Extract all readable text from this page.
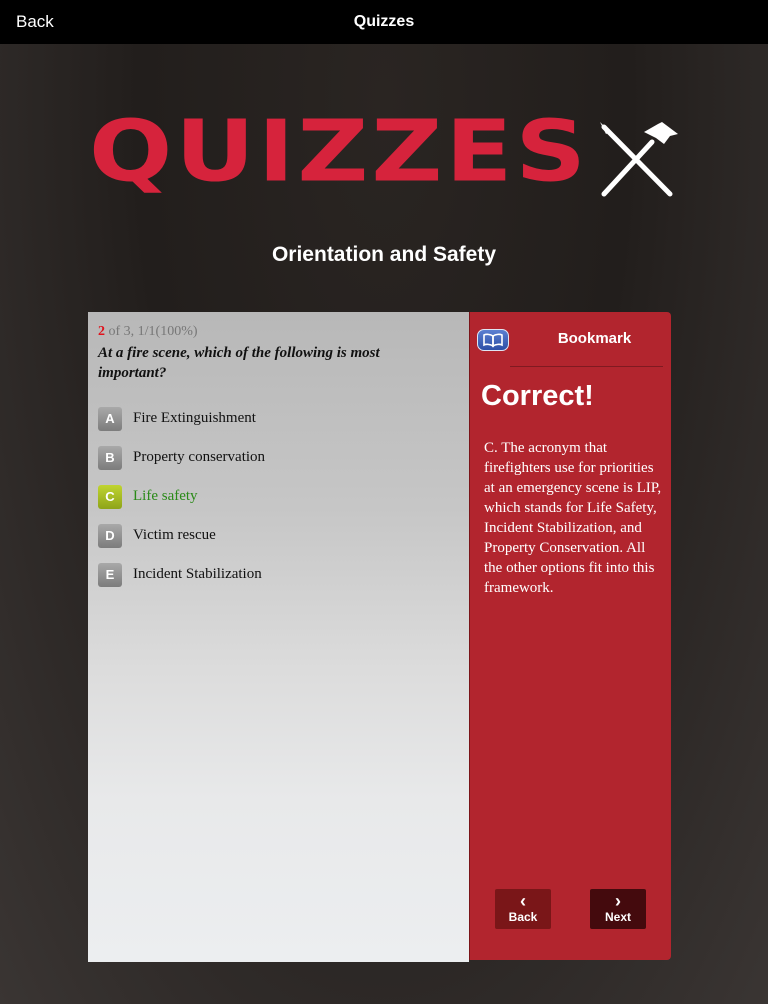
Back	Quizzes
QUIZZES
Orientation and Safety
2 of 3, 1/1(100%)
At a fire scene, which of the following is most important?
A	Fire Extinguishment
B	Property conservation
C	Life safety
D	Victim rescue
E	Incident Stabilization
Bookmark
Correct!
C. The acronym that firefighters use for priorities at an emergency scene is LIP, which stands for Life Safety, Incident Stabilization, and Property Conservation. All the other options fit into this framework.
‹
Back
›
Next
